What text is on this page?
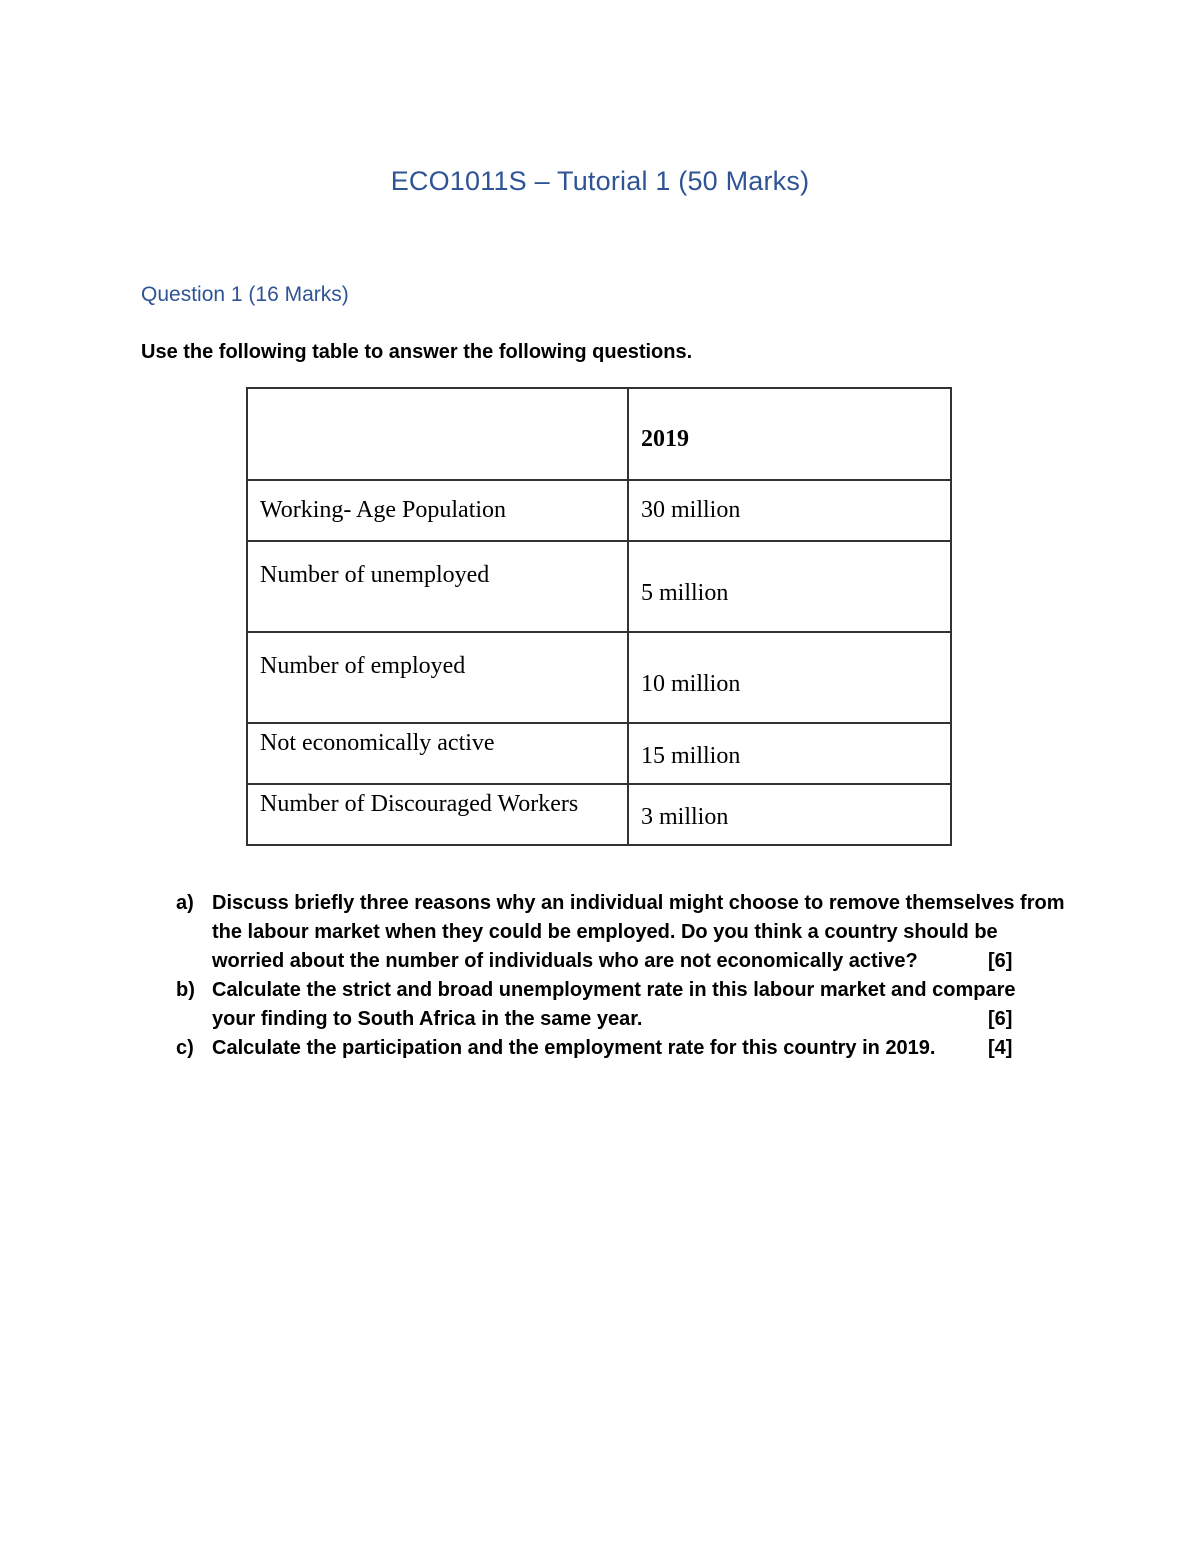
ECO1011S – Tutorial 1 (50 Marks)
Question 1 (16 Marks)
Use the following table to answer the following questions.
	2019
Working- Age Population	30 million
Number of unemployed	5 million
Number of employed	10 million
Not economically active	15 million
Number of Discouraged Workers	3 million
a) Discuss briefly three reasons why an individual might choose to remove themselves from
the labour market when they could be employed. Do you think a country should be
worried about the number of individuals who are not economically active?	[6]
b) Calculate the strict and broad unemployment rate in this labour market and compare
your finding to South Africa in the same year.	[6]
c) Calculate the participation and the employment rate for this country in 2019.	[4]
